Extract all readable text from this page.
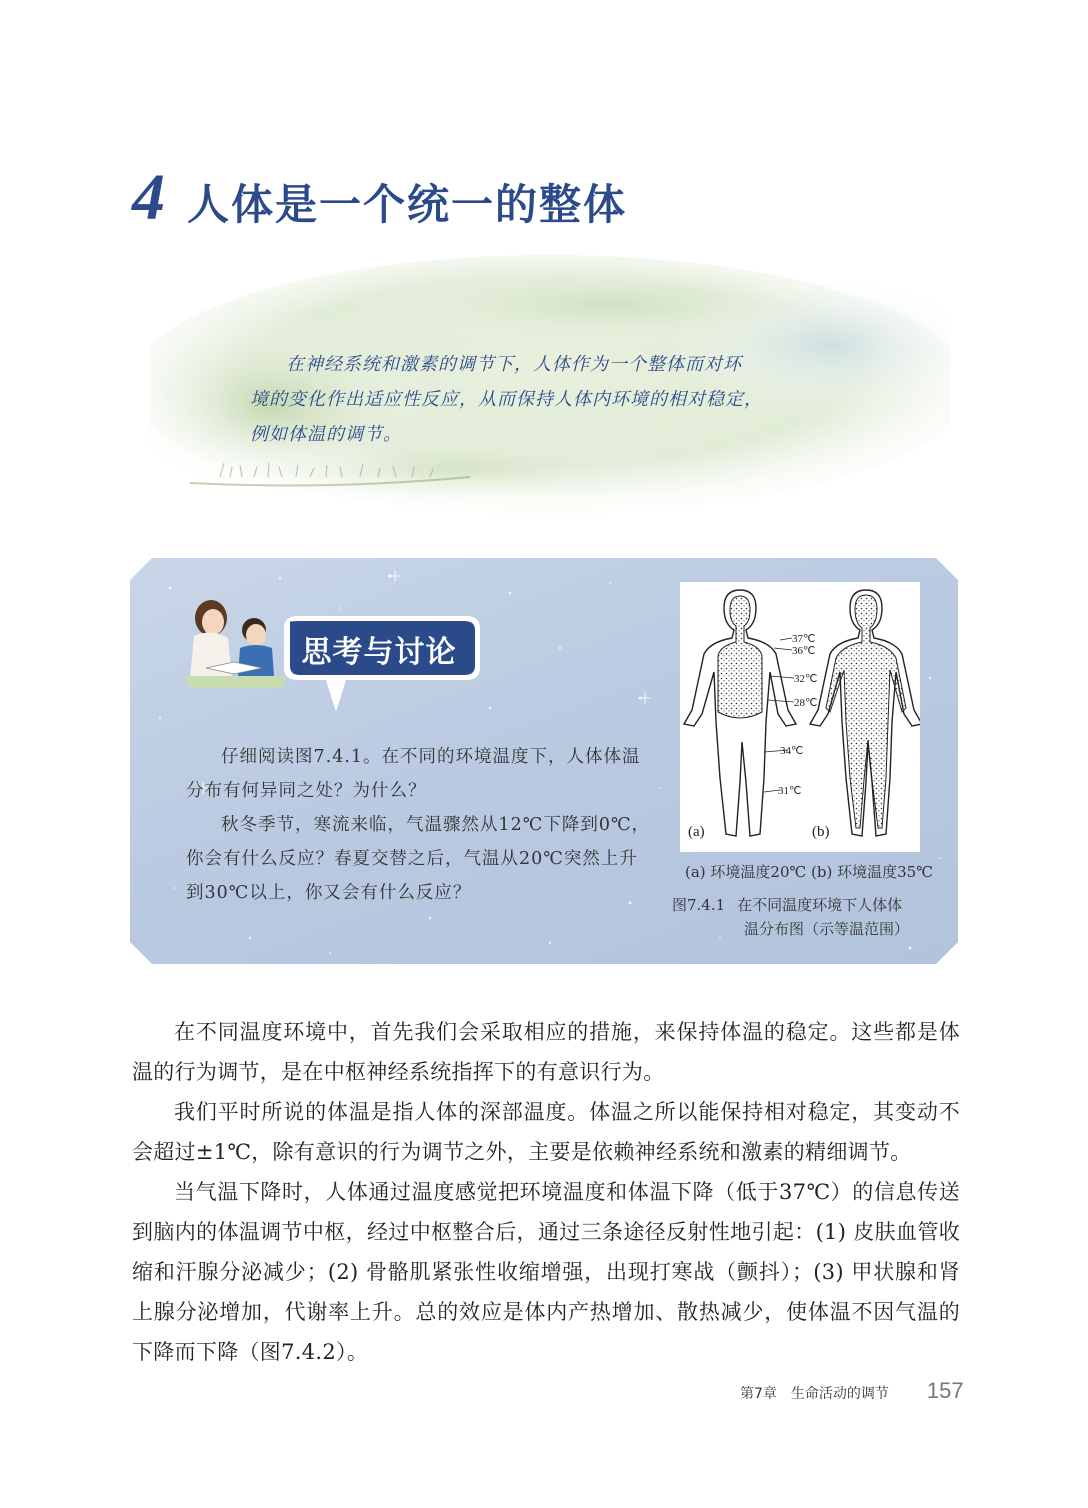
4 人体是一个统一的整体

在神经系统和激素的调节下，人体作为一个整体而对环

境的变化作出适应性反应，从而保持人体内环境的相对稳定，

例如体温的调节。

思考与讨论

仔细阅读图7.4.1。在不同的环境温度下，人体体温分布有何异同之处？为什么？

秋冬季节，寒流来临，气温骤然从12℃下降到0℃，你会有什么反应？春夏交替之后，气温从20℃突然上升到30℃以上，你又会有什么反应？

37℃
36℃
32℃
28℃
34℃
31℃
(a)	(b)
(a) 环境温度20℃ (b) 环境温度35℃
图7.4.1 在不同温度环境下人体体
温分布图（示等温范围）

在不同温度环境中，首先我们会采取相应的措施，来保持体温的稳定。这些都是体温的行为调节，是在中枢神经系统指挥下的有意识行为。

我们平时所说的体温是指人体的深部温度。体温之所以能保持相对稳定，其变动不会超过±1℃，除有意识的行为调节之外，主要是依赖神经系统和激素的精细调节。

当气温下降时，人体通过温度感觉把环境温度和体温下降（低于37℃）的信息传送到脑内的体温调节中枢，经过中枢整合后，通过三条途径反射性地引起：(1) 皮肤血管收缩和汗腺分泌减少；(2) 骨骼肌紧张性收缩增强，出现打寒战（颤抖）；(3) 甲状腺和肾上腺分泌增加，代谢率上升。总的效应是体内产热增加、散热减少，使体温不因气温的下降而下降（图7.4.2）。

第7章　生命活动的调节 157
